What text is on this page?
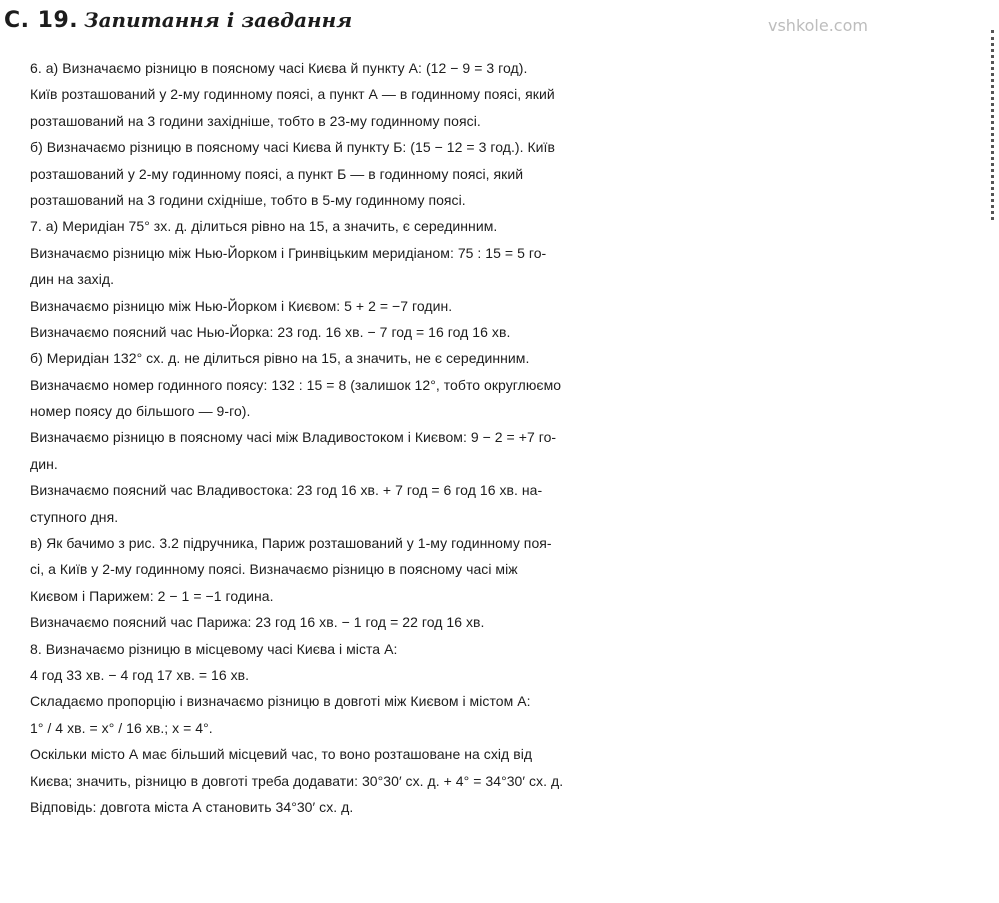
С. 19. Запитання і завдання	vshkole.com
6. а) Визначаємо різницю в поясному часі Києва й пункту А: (12 − 9 = 3 год).
Київ розташований у 2-му годинному поясі, а пункт А — в годинному поясі, який
розташований на 3 години західніше, тобто в 23-му годинному поясі.
б) Визначаємо різницю в поясному часі Києва й пункту Б: (15 − 12 = 3 год.). Київ
розташований у 2-му годинному поясі, а пункт Б — в годинному поясі, який
розташований на 3 години східніше, тобто в 5-му годинному поясі.
7. а) Меридіан 75° зх. д. ділиться рівно на 15, а значить, є серединним.
Визначаємо різницю між Нью-Йорком і Гринвіцьким меридіаном: 75 : 15 = 5 го-
дин на захід.
Визначаємо різницю між Нью-Йорком і Києвом: 5 + 2 = −7 годин.
Визначаємо поясний час Нью-Йорка: 23 год. 16 хв. − 7 год = 16 год 16 хв.
б) Меридіан 132° сх. д. не ділиться рівно на 15, а значить, не є серединним.
Визначаємо номер годинного поясу: 132 : 15 = 8 (залишок 12°, тобто округлюємо
номер поясу до більшого — 9-го).
Визначаємо різницю в поясному часі між Владивостоком і Києвом: 9 − 2 = +7 го-
дин.
Визначаємо поясний час Владивостока: 23 год 16 хв. + 7 год = 6 год 16 хв. на-
ступного дня.
в) Як бачимо з рис. 3.2 підручника, Париж розташований у 1-му годинному поя-
сі, а Київ у 2-му годинному поясі. Визначаємо різницю в поясному часі між
Києвом і Парижем: 2 − 1 = −1 година.
Визначаємо поясний час Парижа: 23 год 16 хв. − 1 год = 22 год 16 хв.
8. Визначаємо різницю в місцевому часі Києва і міста А:
4 год 33 хв. − 4 год 17 хв. = 16 хв.
Складаємо пропорцію і визначаємо різницю в довготі між Києвом і містом А:
1° / 4 хв. = x° / 16 хв.; x = 4°.
Оскільки місто А має більший місцевий час, то воно розташоване на схід від
Києва; значить, різницю в довготі треба додавати: 30°30′ сх. д. + 4° = 34°30′ сх. д.
Відповідь: довгота міста А становить 34°30′ сх. д.
